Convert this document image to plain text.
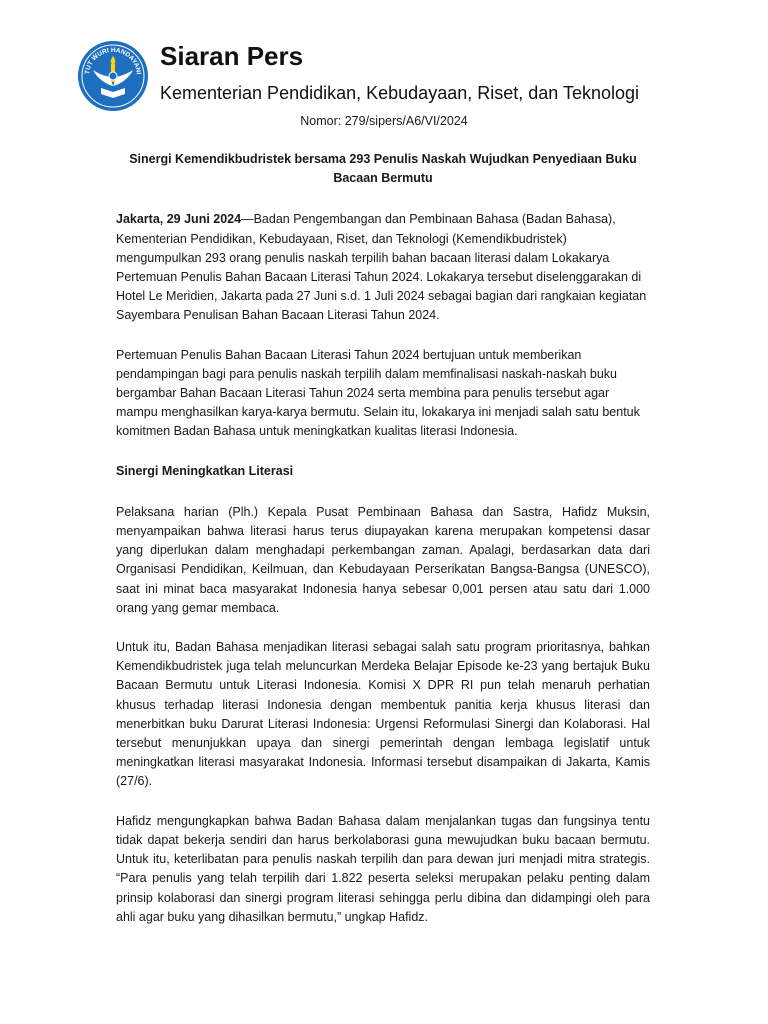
TUT WURI HANDAYANI
Siaran Pers
Kementerian Pendidikan, Kebudayaan, Riset, dan Teknologi
Nomor: 279/sipers/A6/VI/2024
Sinergi Kemendikbudristek bersama 293 Penulis Naskah Wujudkan Penyediaan Buku Bacaan Bermutu

Jakarta, 29 Juni 2024—Badan Pengembangan dan Pembinaan Bahasa (Badan Bahasa), Kementerian Pendidikan, Kebudayaan, Riset, dan Teknologi (Kemendikbudristek) mengumpulkan 293 orang penulis naskah terpilih bahan bacaan literasi dalam Lokakarya Pertemuan Penulis Bahan Bacaan Literasi Tahun 2024. Lokakarya tersebut diselenggarakan di Hotel Le Meridien, Jakarta pada 27 Juni s.d. 1 Juli 2024 sebagai bagian dari rangkaian kegiatan Sayembara Penulisan Bahan Bacaan Literasi Tahun 2024.

Pertemuan Penulis Bahan Bacaan Literasi Tahun 2024 bertujuan untuk memberikan pendampingan bagi para penulis naskah terpilih dalam memfinalisasi naskah-naskah buku bergambar Bahan Bacaan Literasi Tahun 2024 serta membina para penulis tersebut agar mampu menghasilkan karya-karya bermutu. Selain itu, lokakarya ini menjadi salah satu bentuk komitmen Badan Bahasa untuk meningkatkan kualitas literasi Indonesia.

Sinergi Meningkatkan Literasi

Pelaksana harian (Plh.) Kepala Pusat Pembinaan Bahasa dan Sastra, Hafidz Muksin, menyampaikan bahwa literasi harus terus diupayakan karena merupakan kompetensi dasar yang diperlukan dalam menghadapi perkembangan zaman. Apalagi, berdasarkan data dari Organisasi Pendidikan, Keilmuan, dan Kebudayaan Perserikatan Bangsa-Bangsa (UNESCO), saat ini minat baca masyarakat Indonesia hanya sebesar 0,001 persen atau satu dari 1.000 orang yang gemar membaca.

Untuk itu, Badan Bahasa menjadikan literasi sebagai salah satu program prioritasnya, bahkan Kemendikbudristek juga telah meluncurkan Merdeka Belajar Episode ke-23 yang bertajuk Buku Bacaan Bermutu untuk Literasi Indonesia. Komisi X DPR RI pun telah menaruh perhatian khusus terhadap literasi Indonesia dengan membentuk panitia kerja khusus literasi dan menerbitkan buku Darurat Literasi Indonesia: Urgensi Reformulasi Sinergi dan Kolaborasi. Hal tersebut menunjukkan upaya dan sinergi pemerintah dengan lembaga legislatif untuk meningkatkan literasi masyarakat Indonesia. Informasi tersebut disampaikan di Jakarta, Kamis (27/6).

Hafidz mengungkapkan bahwa Badan Bahasa dalam menjalankan tugas dan fungsinya tentu tidak dapat bekerja sendiri dan harus berkolaborasi guna mewujudkan buku bacaan bermutu. Untuk itu, keterlibatan para penulis naskah terpilih dan para dewan juri menjadi mitra strategis. “Para penulis yang telah terpilih dari 1.822 peserta seleksi merupakan pelaku penting dalam prinsip kolaborasi dan sinergi program literasi sehingga perlu dibina dan didampingi oleh para ahli agar buku yang dihasilkan bermutu,” ungkap Hafidz.
